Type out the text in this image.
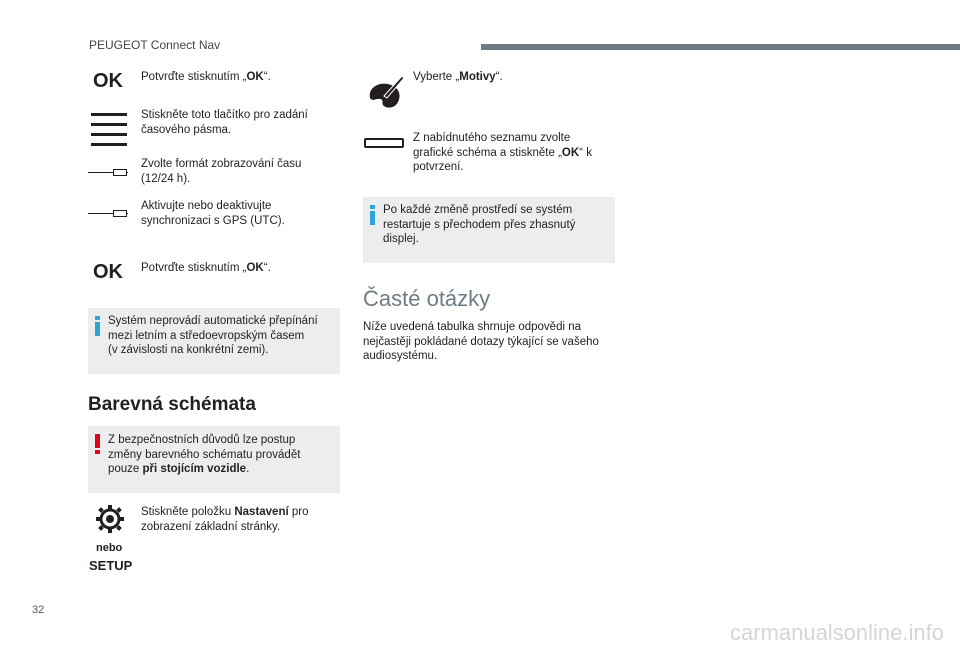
PEUGEOT Connect Nav
OK Potvrďte stisknutím „OK“.
Stiskněte toto tlačítko pro zadání
časového pásma.
Zvolte formát zobrazování času
(12/24 h).
Aktivujte nebo deaktivujte
synchronizaci s GPS (UTC).
OK Potvrďte stisknutím „OK“.
Systém neprovádí automatické přepínání
mezi letním a středoevropským časem
(v závislosti na konkrétní zemi).
Barevná schémata
Z bezpečnostních důvodů lze postup
změny barevného schématu provádět
pouze při stojícím vozidle.
Stiskněte položku Nastavení pro
zobrazení základní stránky.
nebo
SETUP
Vyberte „Motivy“.
Z nabídnutého seznamu zvolte
grafické schéma a stiskněte „OK“ k
potvrzení.
Po každé změně prostředí se systém
restartuje s přechodem přes zhasnutý
displej.
Časté otázky
Níže uvedená tabulka shrnuje odpovědi na
nejčastěji pokládané dotazy týkající se vašeho
audiosystému.
32
carmanualsonline.info
